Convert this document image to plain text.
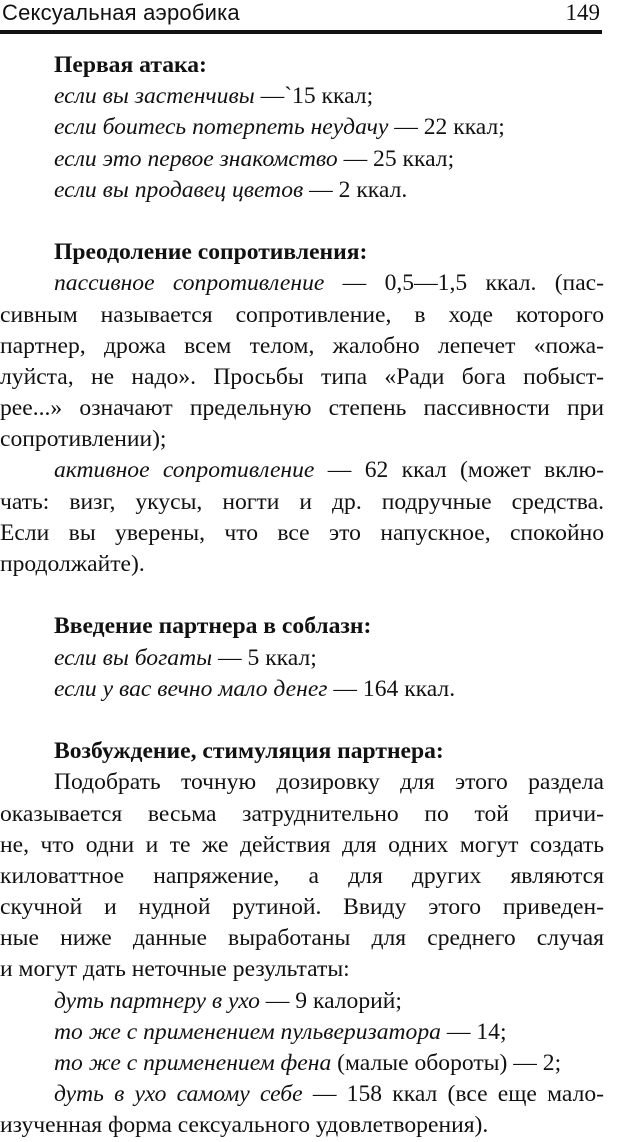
Сексуальная аэробика	149
Первая атака:
если вы застенчивы —`15 ккал;
если боитесь потерпеть неудачу — 22 ккал;
если это первое знакомство — 25 ккал;
если вы продавец цветов — 2 ккал.
Преодоление сопротивления:
пассивное сопротивление — 0,5—1,5 ккал. (пас-
сивным называется сопротивление, в ходе которого
партнер, дрожа всем телом, жалобно лепечет «пожа-
луйста, не надо». Просьбы типа «Ради бога побыст-
рее...» означают предельную степень пассивности при
сопротивлении);
активное сопротивление — 62 ккал (может вклю-
чать: визг, укусы, ногти и др. подручные средства.
Если вы уверены, что все это напускное, спокойно
продолжайте).
Введение партнера в соблазн:
если вы богаты — 5 ккал;
если у вас вечно мало денег — 164 ккал.
Возбуждение, стимуляция партнера:
Подобрать точную дозировку для этого раздела
оказывается весьма затруднительно по той причи-
не, что одни и те же действия для одних могут создать
киловаттное напряжение, а для других являются
скучной и нудной рутиной. Ввиду этого приведен-
ные ниже данные выработаны для среднего случая
и могут дать неточные результаты:
дуть партнеру в ухо — 9 калорий;
то же с применением пульверизатора — 14;
то же с применением фена (малые обороты) — 2;
дуть в ухо самому себе — 158 ккал (все еще мало-
изученная форма сексуального удовлетворения).
